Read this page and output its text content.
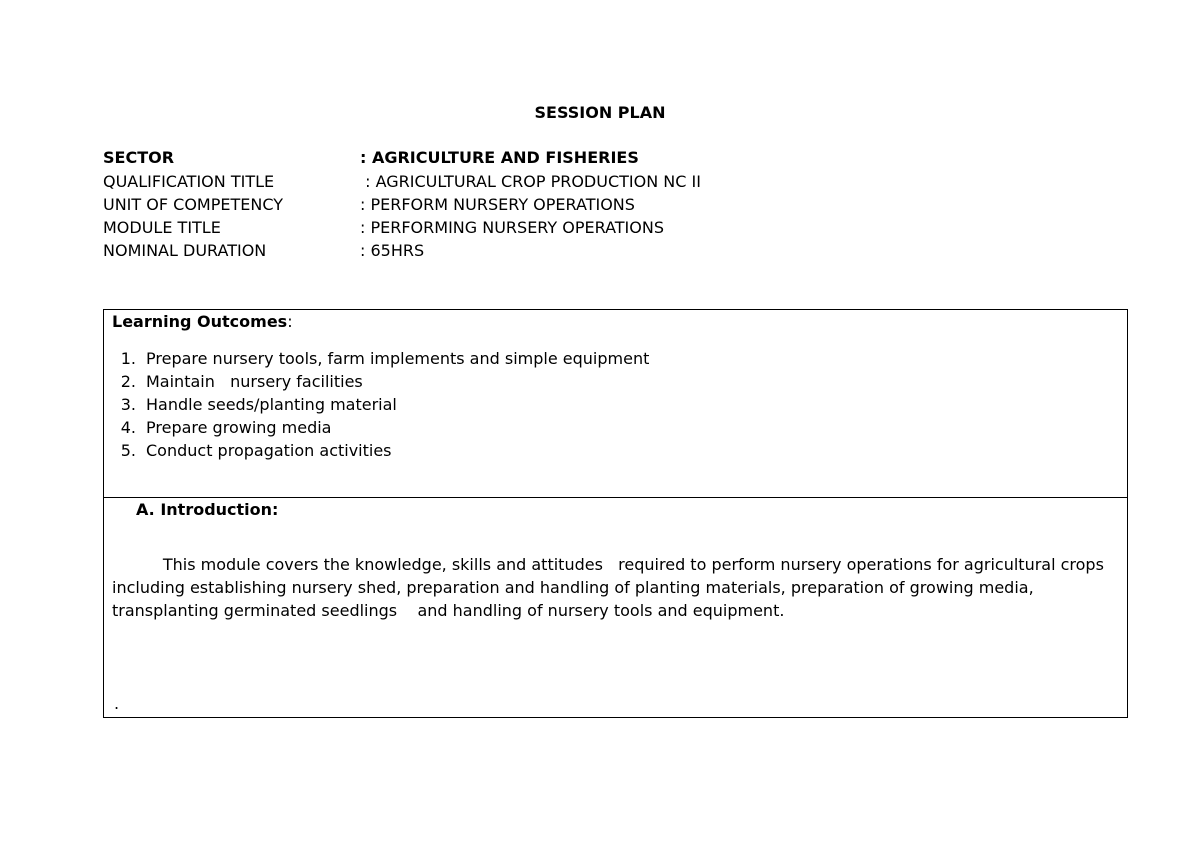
SESSION PLAN

SECTOR

	: AGRICULTURE AND FISHERIES

QUALIFICATION TITLE

	: AGRICULTURAL CROP PRODUCTION NC II

UNIT OF COMPETENCY

	: PERFORM NURSERY OPERATIONS

MODULE TITLE

	: PERFORMING NURSERY OPERATIONS

NOMINAL DURATION

	: 65HRS

Learning Outcomes:
1. Prepare nursery tools, farm implements and simple equipment
2. Maintain   nursery facilities
3. Handle seeds/planting material
4. Prepare growing media
5. Conduct propagation activities
A. Introduction:
This module covers the knowledge, skills and attitudes   required to perform nursery operations for agricultural crops including establishing nursery shed, preparation and handling of planting materials, preparation of growing media, transplanting germinated seedlings    and handling of nursery tools and equipment.
.
